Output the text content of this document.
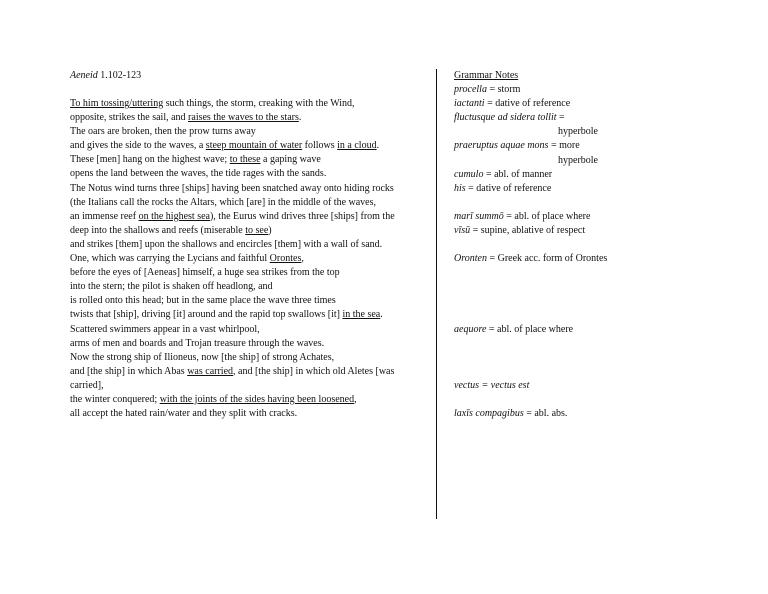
Aeneid 1.102-123
To him tossing/uttering such things, the storm, creaking with the Wind,
opposite, strikes the sail, and raises the waves to the stars.
The oars are broken, then the prow turns away
and gives the side to the waves, a steep mountain of water follows in a cloud.
These [men] hang on the highest wave; to these a gaping wave
opens the land between the waves, the tide rages with the sands.
The Notus wind turns three [ships] having been snatched away onto hiding rocks
(the Italians call the rocks the Altars, which [are] in the middle of the waves,
an immense reef on the highest sea), the Eurus wind drives three [ships] from the
deep into the shallows and reefs (miserable to see)
and strikes [them] upon the shallows and encircles [them] with a wall of sand.
One, which was carrying the Lycians and faithful Orontes,
before the eyes of [Aeneas] himself, a huge sea strikes from the top
into the stern; the pilot is shaken off headlong, and
is rolled onto this head; but in the same place the wave three times
twists that [ship], driving [it] around and the rapid top swallows [it] in the sea.
Scattered swimmers appear in a vast whirlpool,
arms of men and boards and Trojan treasure through the waves.
Now the strong ship of Ilioneus, now [the ship] of strong Achates,
and [the ship] in which Abas was carried, and [the ship] in which old Aletes [was
carried],
the winter conquered; with the joints of the sides having been loosened,
all accept the hated rain/water and they split with cracks.
Grammar Notes
procella = storm
iactanti = dative of reference
fluctusque ad sidera tollit =
hyperbole
praeruptus aquae mons = more
hyperbole
cumulo = abl. of manner
his = dative of reference
marī summō = abl. of place where
vīsū = supine, ablative of respect
Oronten = Greek acc. form of Orontes
aequore = abl. of place where
vectus = vectus est
laxīs compagibus = abl. abs.
